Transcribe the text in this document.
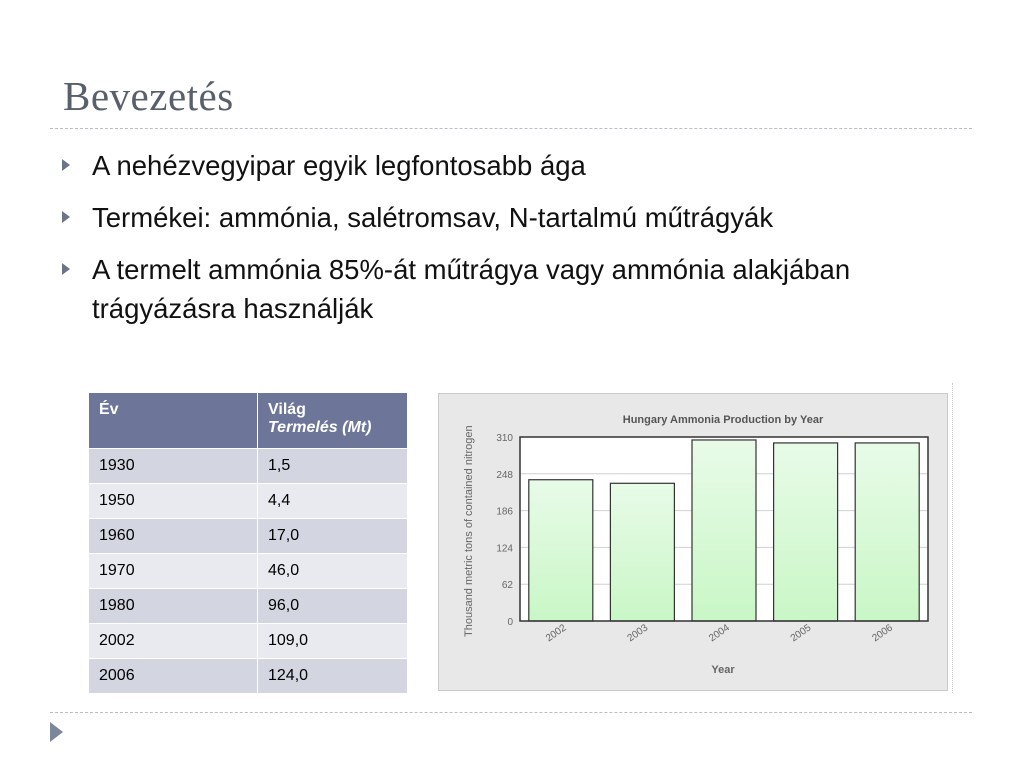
Bevezetés
A nehézvegyipar egyik legfontosabb ága
Termékei: ammónia, salétromsav, N-tartalmú műtrágyák
A termelt ammónia 85%-át műtrágya vagy ammónia alakjában trágyázásra használják
Év	Világ
Termelés (Mt)

1930	1,5
1950	4,4
1960	17,0
1970	46,0
1980	96,0
2002	109,0
2006	124,0
Hungary Ammonia Production by Year
Thousand metric tons of contained nitrogen
Year
0
62
124
186
248
310
2002	2003	2004	2005	2006
